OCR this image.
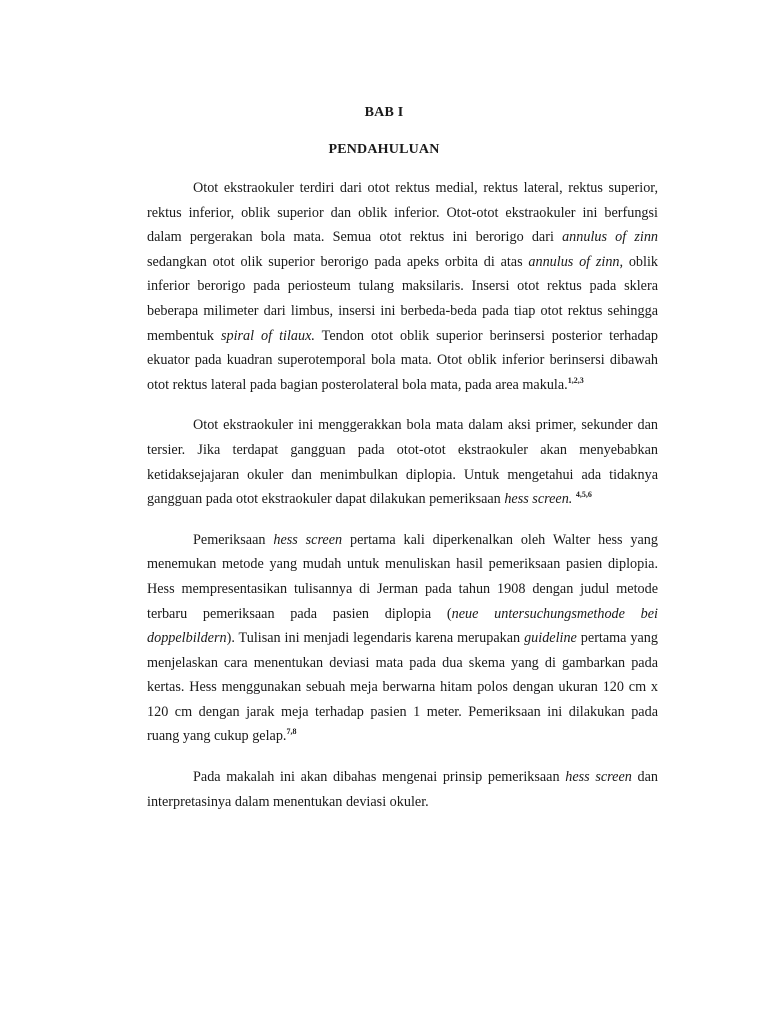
BAB I
PENDAHULUAN

Otot ekstraokuler terdiri dari otot rektus medial, rektus lateral, rektus superior, rektus inferior, oblik superior dan oblik inferior. Otot-otot ekstraokuler ini berfungsi dalam pergerakan bola mata. Semua otot rektus ini berorigo dari annulus of zinn sedangkan otot olik superior berorigo pada apeks orbita di atas annulus of zinn, oblik inferior berorigo pada periosteum tulang maksilaris. Insersi otot rektus pada sklera beberapa milimeter dari limbus, insersi ini berbeda-beda pada tiap otot rektus sehingga membentuk spiral of tilaux. Tendon otot oblik superior berinsersi posterior terhadap ekuator pada kuadran superotemporal bola mata. Otot oblik inferior berinsersi dibawah otot rektus lateral pada bagian posterolateral bola mata, pada area makula.$^{1,2,3}$

Otot ekstraokuler ini menggerakkan bola mata dalam aksi primer, sekunder dan tersier. Jika terdapat gangguan pada otot-otot ekstraokuler akan menyebabkan ketidaksejajaran okuler dan menimbulkan diplopia. Untuk mengetahui ada tidaknya gangguan pada otot ekstraokuler dapat dilakukan pemeriksaan hess screen. $^{4,5,6}$

Pemeriksaan hess screen pertama kali diperkenalkan oleh Walter hess yang menemukan metode yang mudah untuk menuliskan hasil pemeriksaan pasien diplopia. Hess mempresentasikan tulisannya di Jerman pada tahun 1908 dengan judul metode terbaru pemeriksaan pada pasien diplopia (neue untersuchungsmethode bei doppelbildern). Tulisan ini menjadi legendaris karena merupakan guideline pertama yang menjelaskan cara menentukan deviasi mata pada dua skema yang di gambarkan pada kertas. Hess menggunakan sebuah meja berwarna hitam polos dengan ukuran 120 cm x 120 cm dengan jarak meja terhadap pasien 1 meter. Pemeriksaan ini dilakukan pada ruang yang cukup gelap.$^{7,8}$

Pada makalah ini akan dibahas mengenai prinsip pemeriksaan hess screen dan interpretasinya dalam menentukan deviasi okuler.
